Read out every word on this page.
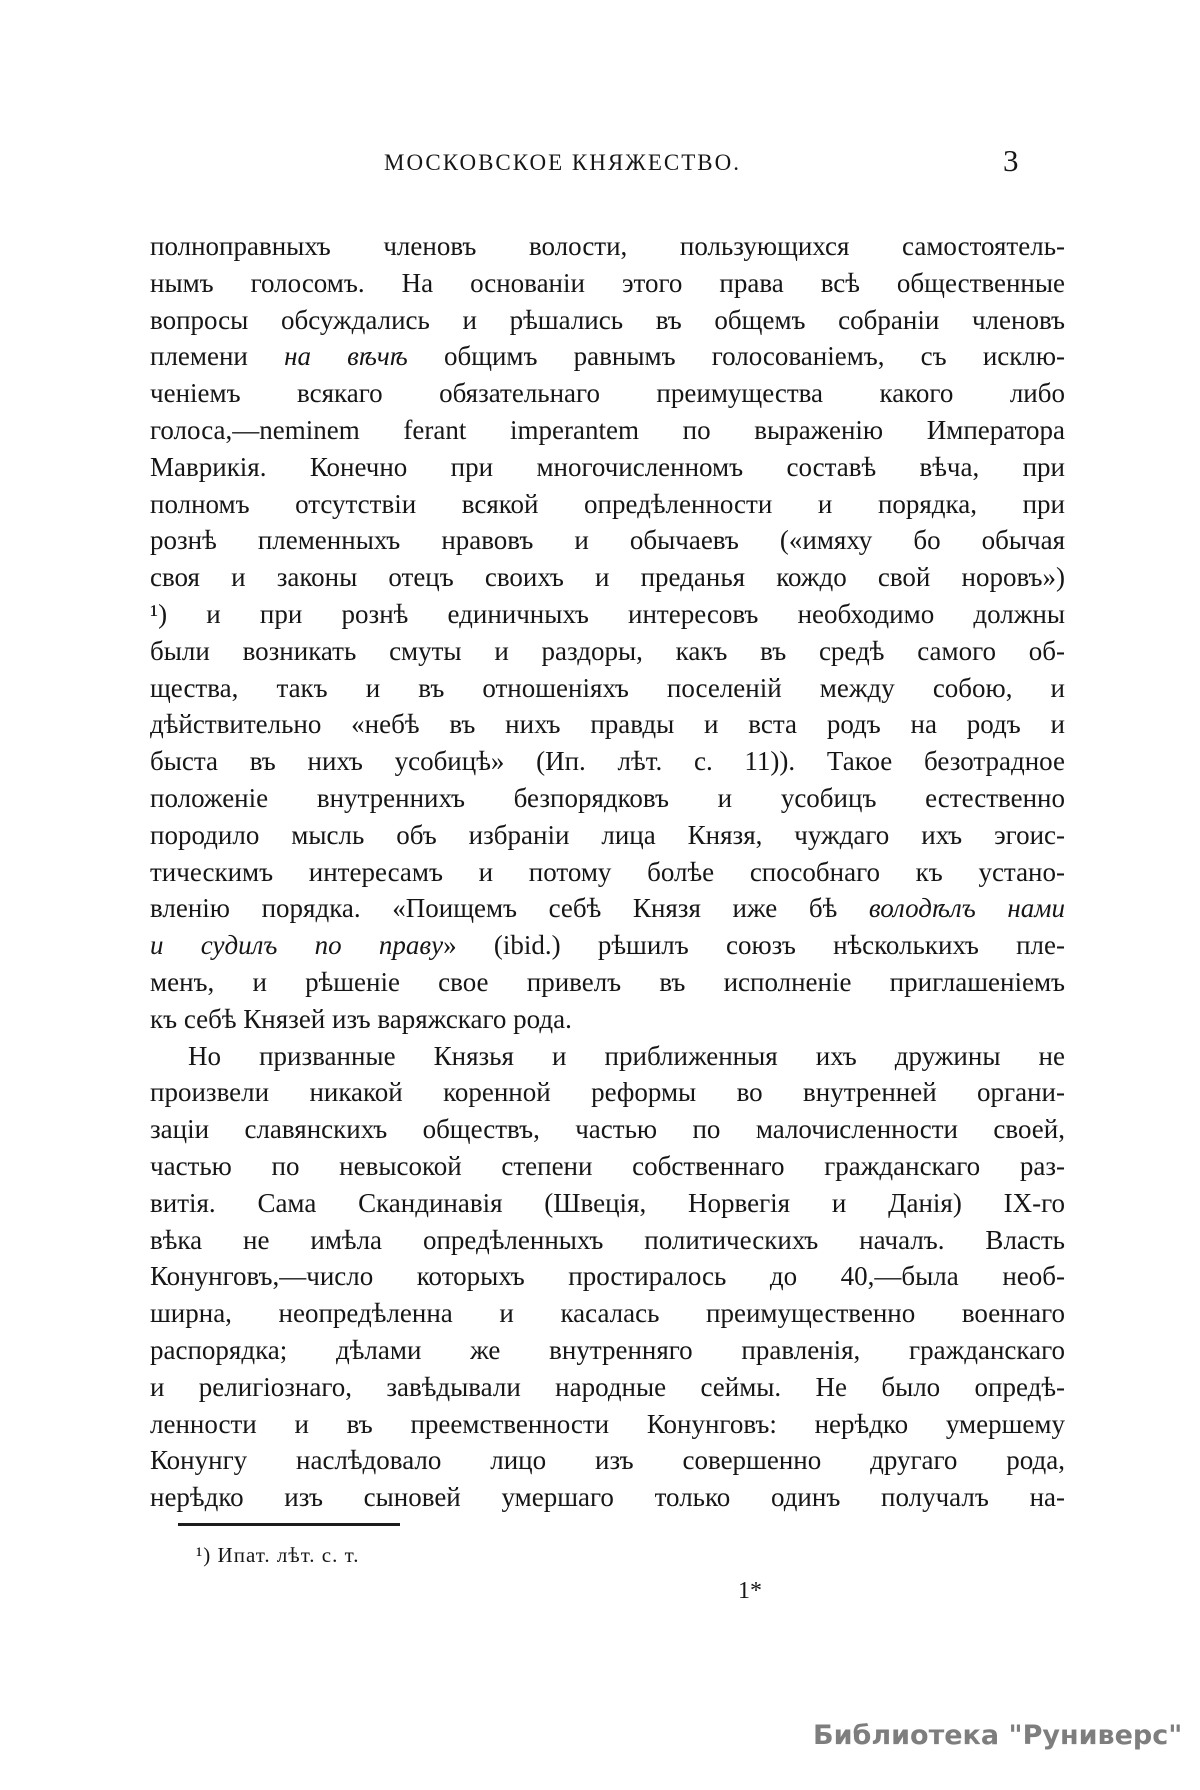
МОСКОВСКОЕ КНЯЖЕСТВО.	3
полноправныхъ членовъ волости, пользующихся самостоятель-
нымъ голосомъ. На основаніи этого права всѣ общественные
вопросы обсуждались и рѣшались въ общемъ собраніи членовъ
племени на вѣчѣ общимъ равнымъ голосованіемъ, съ исклю-
ченіемъ всякаго обязательнаго преимущества какого либо
голоса,—neminem ferant imperantem по выраженію Императора
Маврикія. Конечно при многочисленномъ составѣ вѣча, при
полномъ отсутствіи всякой опредѣленности и порядка, при
рознѣ племенныхъ нравовъ и обычаевъ («имяху бо обычая
своя и законы отецъ своихъ и преданья кождо свой норовъ»)
¹) и при рознѣ единичныхъ интересовъ необходимо должны
были возникать смуты и раздоры, какъ въ средѣ самого об-
щества, такъ и въ отношеніяхъ поселеній между собою, и
дѣйствительно «небѣ въ нихъ правды и вста родъ на родъ и
быста въ нихъ усобицѣ» (Ип. лѣт. с. 11)). Такое безотрадное
положеніе внутреннихъ безпорядковъ и усобицъ естественно
породило мысль объ избраніи лица Князя, чуждаго ихъ эгоис-
тическимъ интересамъ и потому болѣе способнаго къ устано-
вленію порядка. «Поищемъ себѣ Князя иже бѣ володѣлъ нами
и судилъ по праву» (ibid.) рѣшилъ союзъ нѣсколькихъ пле-
менъ, и рѣшеніе свое привелъ въ исполненіе приглашеніемъ
къ себѣ Князей изъ варяжскаго рода.
Но призванные Князья и приближенныя ихъ дружины не
произвели никакой коренной реформы во внутренней органи-
заціи славянскихъ обществъ, частью по малочисленности своей,
частью по невысокой степени собственнаго гражданскаго раз-
витія. Сама Скандинавія (Швеція, Норвегія и Данія) IX-го
вѣка не имѣла опредѣленныхъ политическихъ началъ. Власть
Конунговъ,—число которыхъ простиралось до 40,—была необ-
ширна, неопредѣленна и касалась преимущественно военнаго
распорядка; дѣлами же внутренняго правленія, гражданскаго
и религіознаго, завѣдывали народные сеймы. Не было опредѣ-
ленности и въ преемственности Конунговъ: нерѣдко умершему
Конунгу наслѣдовало лицо изъ совершенно другаго рода,
нерѣдко изъ сыновей умершаго только одинъ получалъ на-
¹) Ипат. лѣт. с. т.
1*
Библиотека "Руниверс"
